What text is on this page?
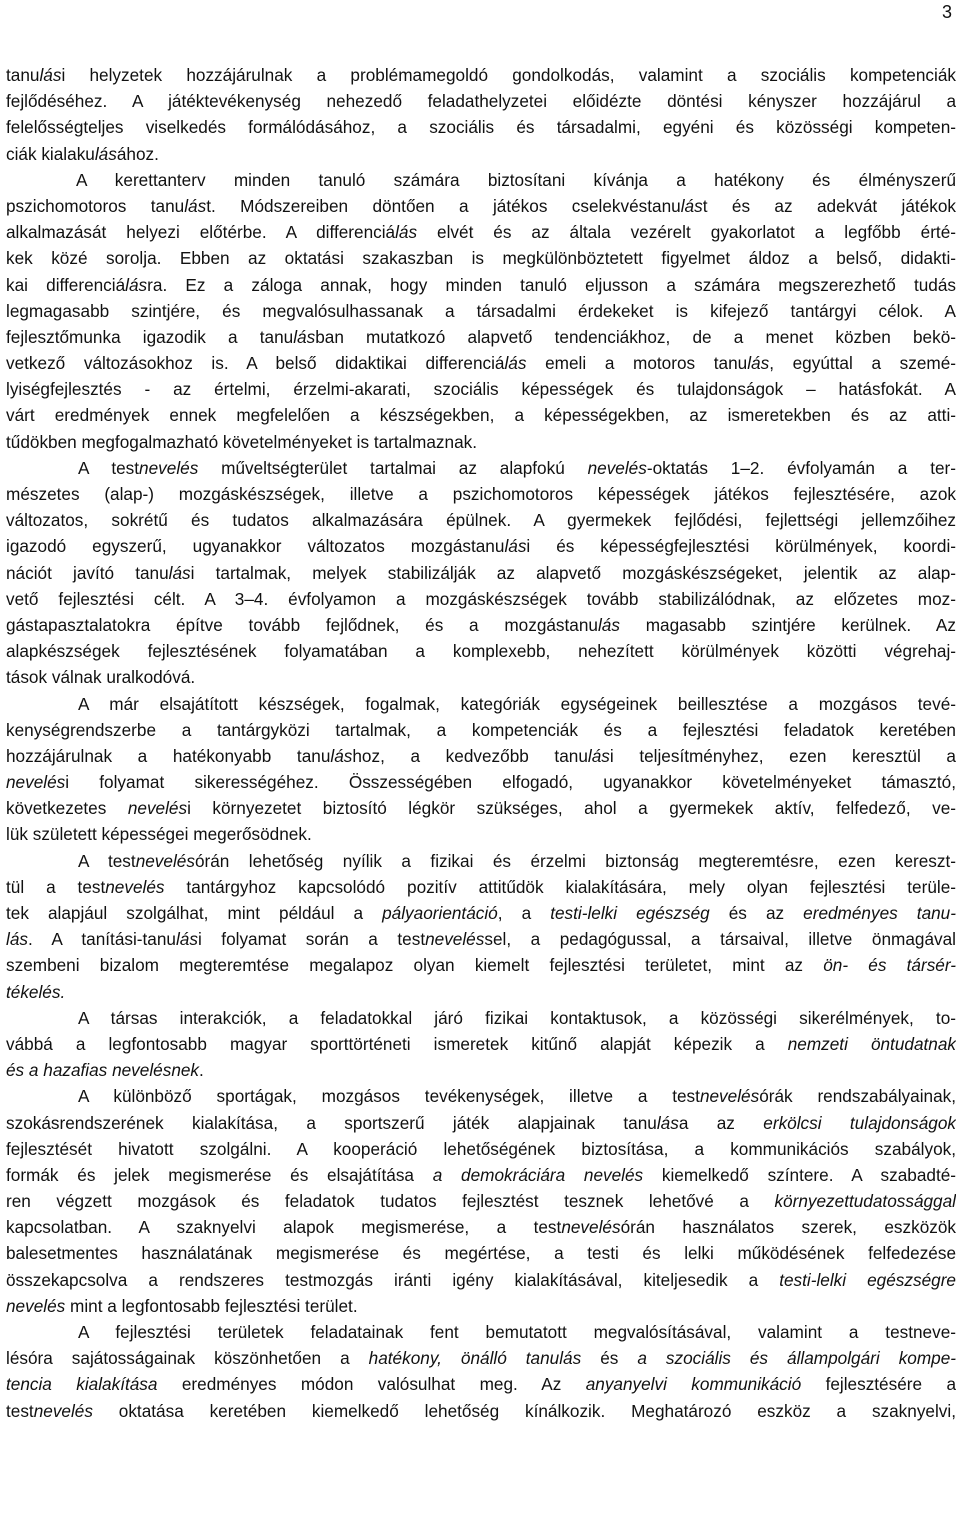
3
tanulási helyzetek hozzájárulnak a problémamegoldó gondolkodás, valamint a szociális kompetenciák
fejlődéséhez. A játéktevékenység nehezedő feladathelyzetei előidézte döntési kényszer hozzájárul a
felelősségteljes viselkedés formálódásához, a szociális és társadalmi, egyéni és közösségi kompeten-
ciák kialakulásához.
A kerettanterv minden tanuló számára biztosítani kívánja a hatékony és élményszerű
pszichomotoros tanulást. Módszereiben döntően a játékos cselekvéstanulást és az adekvát játékok
alkalmazását helyezi előtérbe. A differenciálás elvét és az általa vezérelt gyakorlatot a legfőbb érté-
kek közé sorolja. Ebben az oktatási szakaszban is megkülönböztetett figyelmet áldoz a belső, didakti-
kai differenciálásra. Ez a záloga annak, hogy minden tanuló eljusson a számára megszerezhető tudás
legmagasabb szintjére, és megvalósulhassanak a társadalmi érdekeket is kifejező tantárgyi célok. A
fejlesztőmunka igazodik a tanulásban mutatkozó alapvető tendenciákhoz, de a menet közben bekö-
vetkező változásokhoz is. A belső didaktikai differenciálás emeli a motoros tanulás, egyúttal a szemé-
lyiségfejlesztés - az értelmi, érzelmi-akarati, szociális képességek és tulajdonságok – hatásfokát. A
várt eredmények ennek megfelelően a készségekben, a képességekben, az ismeretekben és az atti-
tűdökben megfogalmazható követelményeket is tartalmaznak.
A testnevelés műveltségterület tartalmai az alapfokú nevelés-oktatás 1–2. évfolyamán a ter-
mészetes (alap-) mozgáskészségek, illetve a pszichomotoros képességek játékos fejlesztésére, azok
változatos, sokrétű és tudatos alkalmazására épülnek. A gyermekek fejlődési, fejlettségi jellemzőihez
igazodó egyszerű, ugyanakkor változatos mozgástanulási és képességfejlesztési körülmények, koordi-
nációt javító tanulási tartalmak, melyek stabilizálják az alapvető mozgáskészségeket, jelentik az alap-
vető fejlesztési célt. A 3–4. évfolyamon a mozgáskészségek tovább stabilizálódnak, az előzetes moz-
gástapasztalatokra építve tovább fejlődnek, és a mozgástanulás magasabb szintjére kerülnek. Az
alapkészségek fejlesztésének folyamatában a komplexebb, nehezített körülmények közötti végrehaj-
tások válnak uralkodóvá.
A már elsajátított készségek, fogalmak, kategóriák egységeinek beillesztése a mozgásos tevé-
kenységrendszerbe a tantárgyközi tartalmak, a kompetenciák és a fejlesztési feladatok keretében
hozzájárulnak a hatékonyabb tanuláshoz, a kedvezőbb tanulási teljesítményhez, ezen keresztül a
nevelési folyamat sikerességéhez. Összességében elfogadó, ugyanakkor követelményeket támasztó,
következetes nevelési környezetet biztosító légkör szükséges, ahol a gyermekek aktív, felfedező, ve-
lük született képességei megerősödnek.
A testnevelésórán lehetőség nyílik a fizikai és érzelmi biztonság megteremtésre, ezen kereszt-
tül a testnevelés tantárgyhoz kapcsolódó pozitív attitűdök kialakítására, mely olyan fejlesztési terüle-
tek alapjául szolgálhat, mint például a pályaorientáció, a testi-lelki egészség és az eredményes tanu-
lás. A tanítási-tanulási folyamat során a testneveléssel, a pedagógussal, a társaival, illetve önmagával
szembeni bizalom megteremtése megalapoz olyan kiemelt fejlesztési területet, mint az ön- és társér-
tékelés.
A társas interakciók, a feladatokkal járó fizikai kontaktusok, a közösségi sikerélmények, to-
vábbá a legfontosabb magyar sporttörténeti ismeretek kitűnő alapját képezik a nemzeti öntudatnak
és a hazafias nevelésnek.
A különböző sportágak, mozgásos tevékenységek, illetve a testnevelésórák rendszabályainak,
szokásrendszerének kialakítása, a sportszerű játék alapjainak tanulása az erkölcsi tulajdonságok
fejlesztését hivatott szolgálni. A kooperáció lehetőségének biztosítása, a kommunikációs szabályok,
formák és jelek megismerése és elsajátítása a demokráciára nevelés kiemelkedő színtere. A szabadté-
ren végzett mozgások és feladatok tudatos fejlesztést tesznek lehetővé a környezettudatossággal
kapcsolatban. A szaknyelvi alapok megismerése, a testnevelésórán használatos szerek, eszközök
balesetmentes használatának megismerése és megértése, a testi és lelki működésének felfedezése
összekapcsolva a rendszeres testmozgás iránti igény kialakításával, kiteljesedik a testi-lelki egészségre
nevelés mint a legfontosabb fejlesztési terület.
A fejlesztési területek feladatainak fent bemutatott megvalósításával, valamint a testneve-
lésóra sajátosságainak köszönhetően a hatékony, önálló tanulás és a szociális és állampolgári kompe-
tencia kialakítása eredményes módon valósulhat meg. Az anyanyelvi kommunikáció fejlesztésére a
testnevelés oktatása keretében kiemelkedő lehetőség kínálkozik. Meghatározó eszköz a szaknyelvi,
